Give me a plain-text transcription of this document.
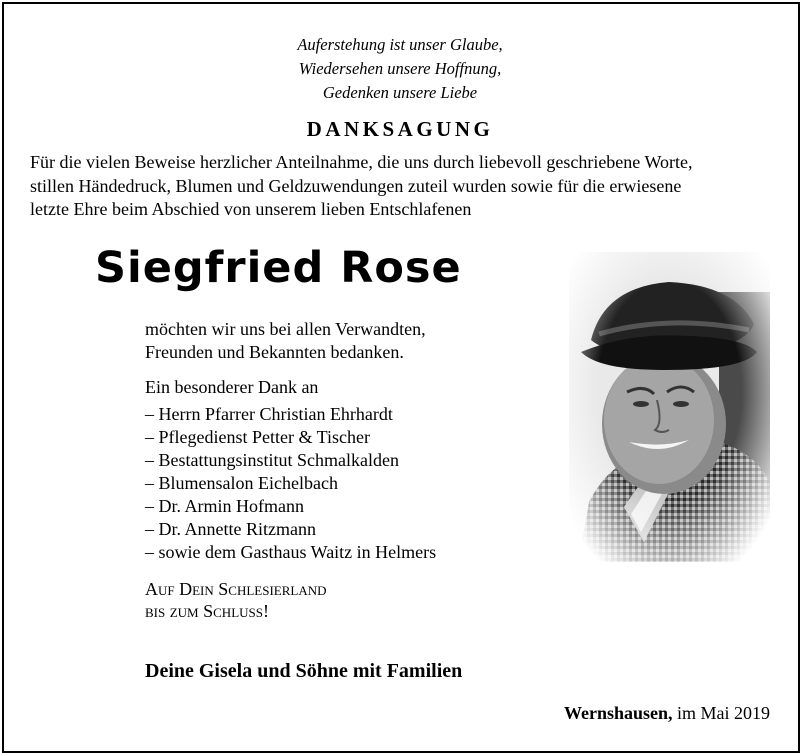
Auferstehung ist unser Glaube,
Wiedersehen unsere Hoffnung,
Gedenken unsere Liebe
DANKSAGUNG
Für die vielen Beweise herzlicher Anteilnahme, die uns durch liebevoll geschriebene Worte,
stillen Händedruck, Blumen und Geldzuwendungen zuteil wurden sowie für die erwiesene
letzte Ehre beim Abschied von unserem lieben Entschlafenen
Siegfried Rose
möchten wir uns bei allen Verwandten,
Freunden und Bekannten bedanken.
Ein besonderer Dank an
– Herrn Pfarrer Christian Ehrhardt
– Pflegedienst Petter & Tischer
– Bestattungsinstitut Schmalkalden
– Blumensalon Eichelbach
– Dr. Armin Hofmann
– Dr. Annette Ritzmann
– sowie dem Gasthaus Waitz in Helmers
Auf Dein Schlesierland
bis zum Schluss!
Deine Gisela und Söhne mit Familien
Wernshausen, im Mai 2019
